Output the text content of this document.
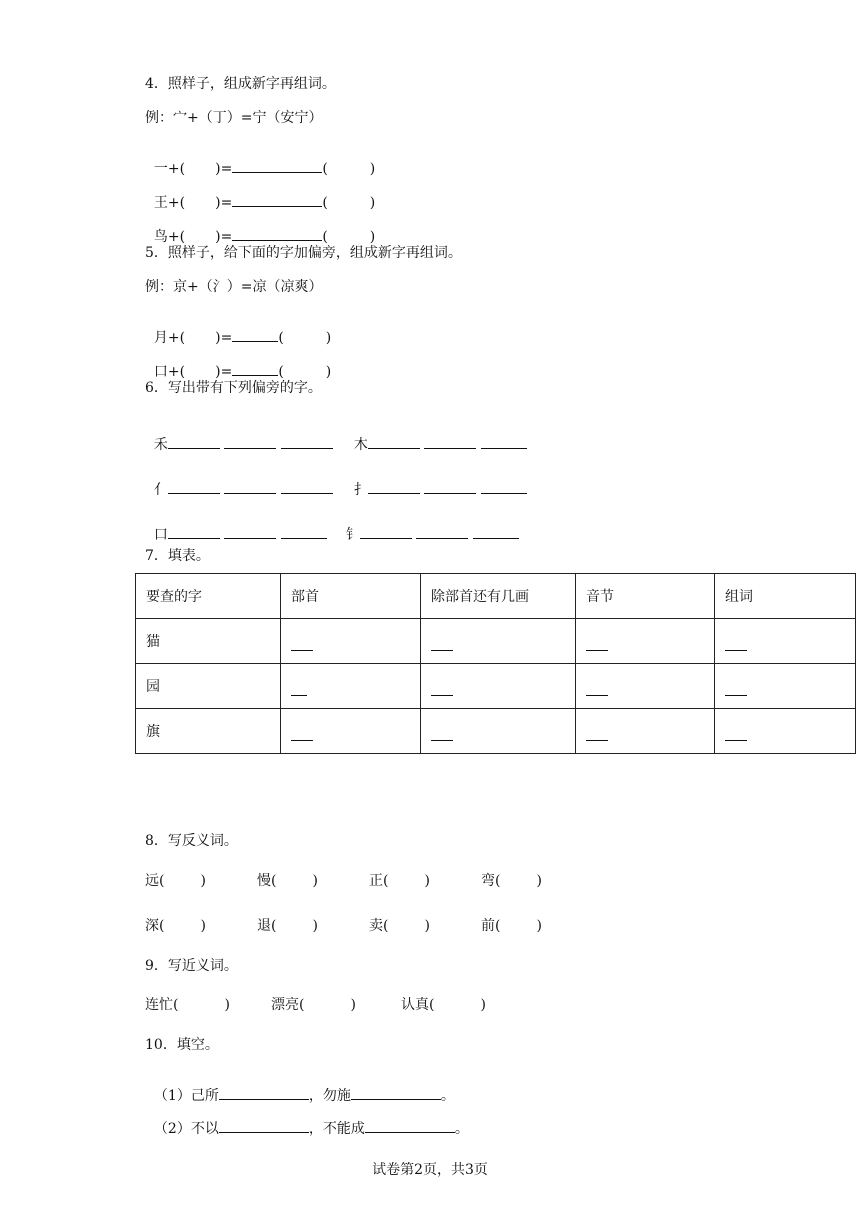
4．照样子，组成新字再组词。
例：宀+（丁）=宁（安宁）

一+( )=	(	)

王+( )=	(	)

鸟+( )=	(	)

5．照样子，给下面的字加偏旁，组成新字再组词。
例：京+（氵）=凉（凉爽）

月+( )=	(	)

口+( )=	(	)

6．写出带有下列偏旁的字。

禾	木

亻	扌

口	钅

7．填表。
要查的字	部首	除部首还有几画	音节	组词
猫				
园				
旗				
8．写反义词。
远(	)	慢(	)	正(	)	弯(	)
深(	)	退(	)	卖(	)	前(	)
9．写近义词。
连忙(	)	漂亮(	)	认真(	)
10．填空。

（1）己所	，勿施	。

（2）不以	，不能成	。

试卷第2页，共3页
